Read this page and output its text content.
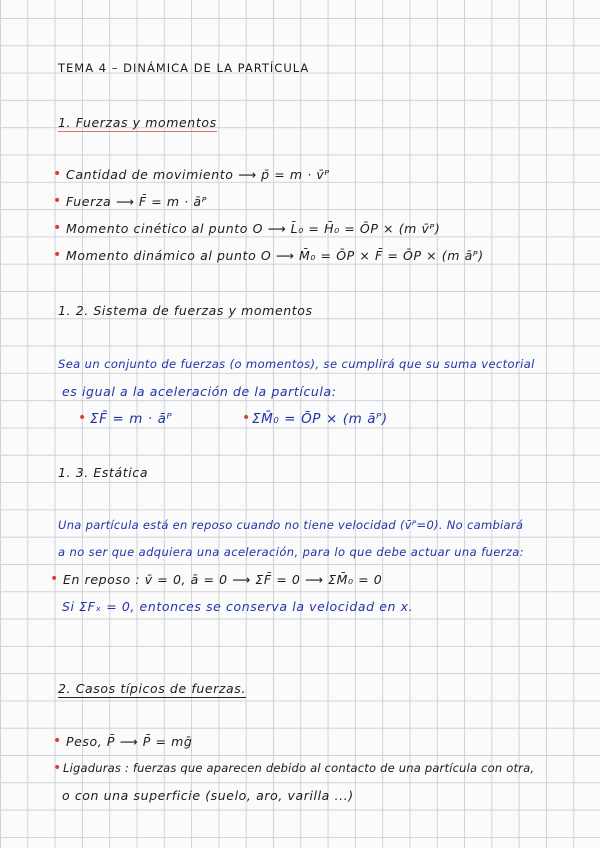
TEMA 4 – DINÁMICA DE LA PARTÍCULA
1. Fuerzas y momentos
• Cantidad de movimiento ⟶ p̄ = m · v̄ᴾ
• Fuerza ⟶ F̄ = m · āᴾ
• Momento cinético al punto O ⟶ L̄₀ = H̄₀ = ŌP × (m v̄ᴾ)
• Momento dinámico al punto O ⟶ M̄₀ = ŌP × F̄ = ŌP × (m āᴾ)
1. 2. Sistema de fuerzas y momentos
Sea un conjunto de fuerzas (o momentos), se cumplirá que su suma vectorial
es igual a la aceleración de la partícula:
• ΣF̄ = m · āᴾ	• ΣM̄₀ = ŌP × (m āᴾ)
1. 3. Estática
Una partícula está en reposo cuando no tiene velocidad (v̄ᴾ=0). No cambiará
a no ser que adquiera una aceleración, para lo que debe actuar una fuerza:
• En reposo : v̄ = 0, ā = 0 ⟶ ΣF̄ = 0 ⟶ ΣM̄₀ = 0
Si ΣFₓ = 0, entonces se conserva la velocidad en x.
2. Casos típicos de fuerzas.
• Peso, P̄ ⟶ P̄ = mḡ
• Ligaduras : fuerzas que aparecen debido al contacto de una partícula con otra,
o con una superficie (suelo, aro, varilla ...)
